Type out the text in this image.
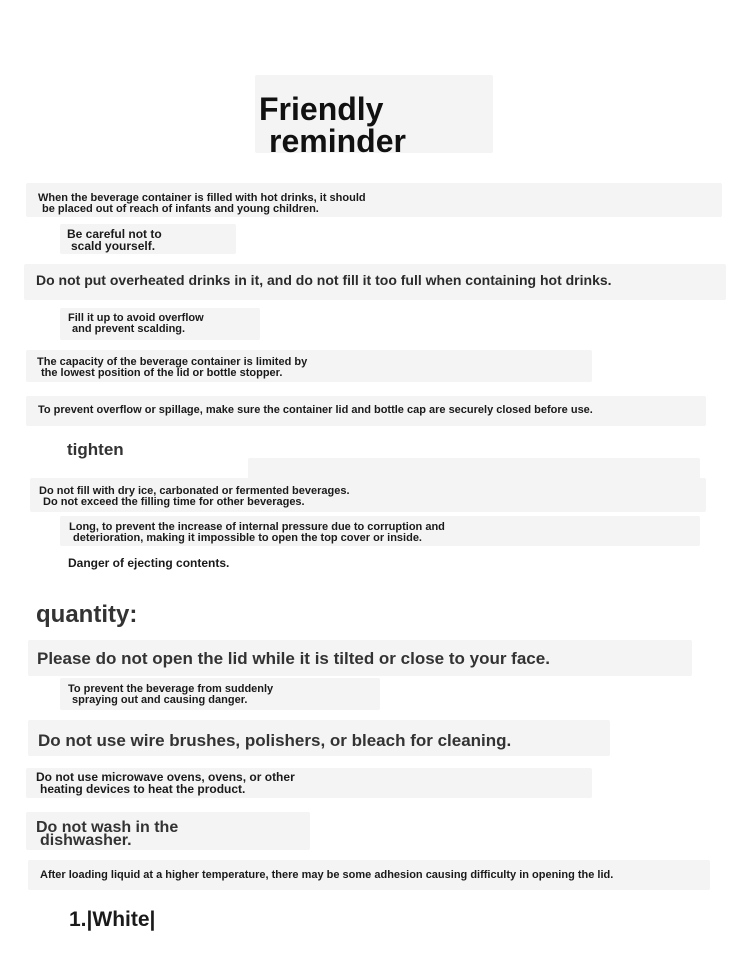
Friendly
reminder

When the beverage container is filled with hot drinks, it should
be placed out of reach of infants and young children.

Be careful not to
scald yourself.

Do not put overheated drinks in it, and do not fill it too full when containing hot drinks.

Fill it up to avoid overflow
and prevent scalding.

The capacity of the beverage container is limited by
the lowest position of the lid or bottle stopper.

To prevent overflow or spillage, make sure the container lid and bottle cap are securely closed before use.

tighten

Do not fill with dry ice, carbonated or fermented beverages.
Do not exceed the filling time for other beverages.

Long, to prevent the increase of internal pressure due to corruption and
deterioration, making it impossible to open the top cover or inside.

Danger of ejecting contents.

quantity:

Please do not open the lid while it is tilted or close to your face.

To prevent the beverage from suddenly
spraying out and causing danger.

Do not use wire brushes, polishers, or bleach for cleaning.

Do not use microwave ovens, ovens, or other
heating devices to heat the product.

Do not wash in the
dishwasher.

After loading liquid at a higher temperature, there may be some adhesion causing difficulty in opening the lid.

1.|White|
